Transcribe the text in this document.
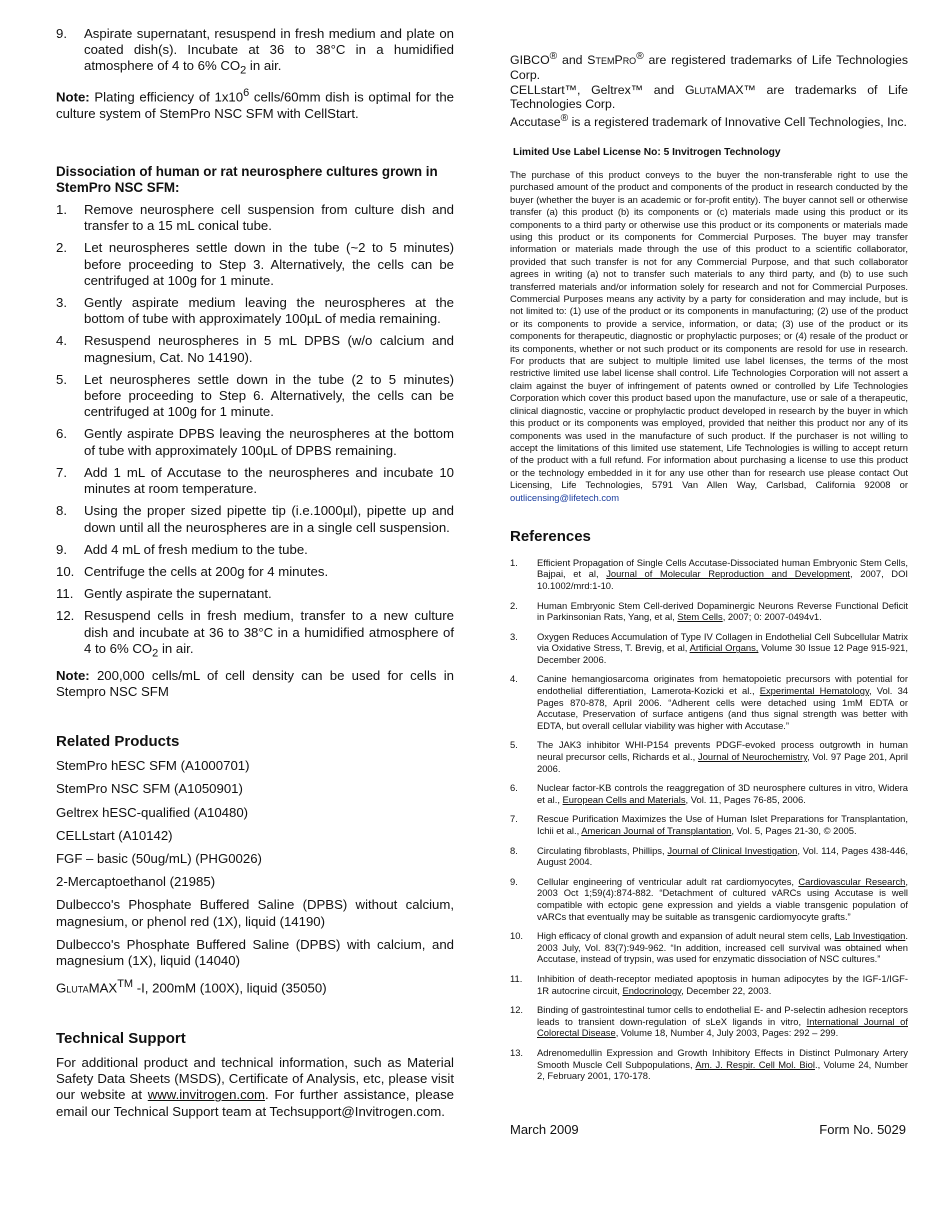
9. Aspirate supernatant, resuspend in fresh medium and plate on coated dish(s). Incubate at 36 to 38°C in a humidified atmosphere of 4 to 6% $CO_2$ in air.

Note: Plating efficiency of $1x10^6$ cells/60mm dish is optimal for the culture system of StemPro NSC SFM with CellStart.

Dissociation of human or rat neurosphere cultures grown in StemPro NSC SFM:
1. Remove neurosphere cell suspension from culture dish and transfer to a 15 mL conical tube.
2. Let neurospheres settle down in the tube (~2 to 5 minutes) before proceeding to Step 3. Alternatively, the cells can be centrifuged at 100g for 1 minute.
3. Gently aspirate medium leaving the neurospheres at the bottom of tube with approximately 100µL of media remaining.
4. Resuspend neurospheres in 5 mL DPBS (w/o calcium and magnesium, Cat. No 14190).
5. Let neurospheres settle down in the tube (2 to 5 minutes) before proceeding to Step 6. Alternatively, the cells can be centrifuged at 100g for 1 minute.
6. Gently aspirate DPBS leaving the neurospheres at the bottom of tube with approximately 100µL of DPBS remaining.
7. Add 1 mL of Accutase to the neurospheres and incubate 10 minutes at room temperature.
8. Using the proper sized pipette tip (i.e.1000µl), pipette up and down until all the neurospheres are in a single cell suspension.
9. Add 4 mL of fresh medium to the tube.
10. Centrifuge the cells at 200g for 4 minutes.
11. Gently aspirate the supernatant.
12. Resuspend cells in fresh medium, transfer to a new culture dish and incubate at 36 to 38°C in a humidified atmosphere of 4 to 6% $CO_2$ in air.

Note: 200,000 cells/mL of cell density can be used for cells in Stempro NSC SFM

Related Products
StemPro hESC SFM (A1000701)
StemPro NSC SFM (A1050901)
Geltrex hESC-qualified (A10480)
CELLstart (A10142)
FGF – basic (50ug/mL) (PHG0026)
2-Mercaptoethanol (21985)
Dulbecco's Phosphate Buffered Saline (DPBS) without calcium, magnesium, or phenol red (1X), liquid (14190)
Dulbecco's Phosphate Buffered Saline (DPBS) with calcium, and magnesium (1X), liquid (14040)
GlutaMAX™ -I, 200mM (100X), liquid (35050)
Technical Support

For additional product and technical information, such as Material Safety Data Sheets (MSDS), Certificate of Analysis, etc, please visit our website at www.invitrogen.com. For further assistance, please email our Technical Support team at Techsupport@Invitrogen.com.

GIBCO® and StemPro® are registered trademarks of Life Technologies Corp.

CELLstart™, Geltrex™ and GlutaMAX™ are trademarks of Life Technologies Corp.

Accutase® is a registered trademark of Innovative Cell Technologies, Inc.

Limited Use Label License No: 5 Invitrogen Technology

The purchase of this product conveys to the buyer the non-transferable right to use the purchased amount of the product and components of the product in research conducted by the buyer (whether the buyer is an academic or for-profit entity). The buyer cannot sell or otherwise transfer (a) this product (b) its components or (c) materials made using this product or its components to a third party or otherwise use this product or its components or materials made using this product or its components for Commercial Purposes. The buyer may transfer information or materials made through the use of this product to a scientific collaborator, provided that such transfer is not for any Commercial Purpose, and that such collaborator agrees in writing (a) not to transfer such materials to any third party, and (b) to use such transferred materials and/or information solely for research and not for Commercial Purposes. Commercial Purposes means any activity by a party for consideration and may include, but is not limited to: (1) use of the product or its components in manufacturing; (2) use of the product or its components to provide a service, information, or data; (3) use of the product or its components for therapeutic, diagnostic or prophylactic purposes; or (4) resale of the product or its components, whether or not such product or its components are resold for use in research. For products that are subject to multiple limited use label licenses, the terms of the most restrictive limited use label license shall control. Life Technologies Corporation will not assert a claim against the buyer of infringement of patents owned or controlled by Life Technologies Corporation which cover this product based upon the manufacture, use or sale of a therapeutic, clinical diagnostic, vaccine or prophylactic product developed in research by the buyer in which this product or its components was employed, provided that neither this product nor any of its components was used in the manufacture of such product. If the purchaser is not willing to accept the limitations of this limited use statement, Life Technologies is willing to accept return of the product with a full refund. For information about purchasing a license to use this product or the technology embedded in it for any use other than for research use please contact Out Licensing, Life Technologies, 5791 Van Allen Way, Carlsbad, California 92008 or outlicensing@lifetech.com

References
1. Efficient Propagation of Single Cells Accutase-Dissociated human Embryonic Stem Cells, Bajpai, et al, Journal of Molecular Reproduction and Development, 2007, DOI 10.1002/mrd:1-10.
2. Human Embryonic Stem Cell-derived Dopaminergic Neurons Reverse Functional Deficit in Parkinsonian Rats, Yang, et al, Stem Cells, 2007; 0: 2007-0494v1.
3. Oxygen Reduces Accumulation of Type IV Collagen in Endothelial Cell Subcellular Matrix via Oxidative Stress, T. Brevig, et al, Artificial Organs, Volume 30 Issue 12 Page 915-921, December 2006.
4. Canine hemangiosarcoma originates from hematopoietic precursors with potential for endothelial differentiation, Lamerota-Kozicki et al., Experimental Hematology, Vol. 34 Pages 870-878, April 2006. “Adherent cells were detached using 1mM EDTA or Accutase, Preservation of surface antigens (and thus signal strength was better with EDTA, but overall cellular viability was higher with Accutase.”
5. The JAK3 inhibitor WHI-P154 prevents PDGF-evoked process outgrowth in human neural precursor cells, Richards et al., Journal of Neurochemistry, Vol. 97 Page 201, April 2006.
6. Nuclear factor-KB controls the reaggregation of 3D neurosphere cultures in vitro, Widera et al., European Cells and Materials, Vol. 11, Pages 76-85, 2006.
7. Rescue Purification Maximizes the Use of Human Islet Preparations for Transplantation, Ichii et al., American Journal of Transplantation, Vol. 5, Pages 21-30, © 2005.
8. Circulating fibroblasts, Phillips, Journal of Clinical Investigation, Vol. 114, Pages 438-446, August 2004.
9. Cellular engineering of ventricular adult rat cardiomyocytes, Cardiovascular Research, 2003 Oct 1;59(4):874-882. “Detachment of cultured vARCs using Accutase is well compatible with ectopic gene expression and yields a viable transgenic population of vARCs that eventually may be suitable as transgenic cardiomyocyte grafts.”
10. High efficacy of clonal growth and expansion of adult neural stem cells, Lab Investigation. 2003 July, Vol. 83(7):949-962. “In addition, increased cell survival was obtained when Accutase, instead of trypsin, was used for enzymatic dissociation of NSC cultures.”
11. Inhibition of death-receptor mediated apoptosis in human adipocytes by the IGF-1/IGF-1R autocrine circuit, Endocrinology, December 22, 2003.
12. Binding of gastrointestinal tumor cells to endothelial E- and P-selectin adhesion receptors leads to transient down-regulation of sLeX ligands in vitro, International Journal of Colorectal Disease, Volume 18, Number 4, July 2003, Pages: 292 – 299.
13. Adrenomedullin Expression and Growth Inhibitory Effects in Distinct Pulmonary Artery Smooth Muscle Cell Subpopulations, Am. J. Respir. Cell Mol. Biol., Volume 24, Number 2, February 2001, 170-178.
March 2009	Form No. 5029
